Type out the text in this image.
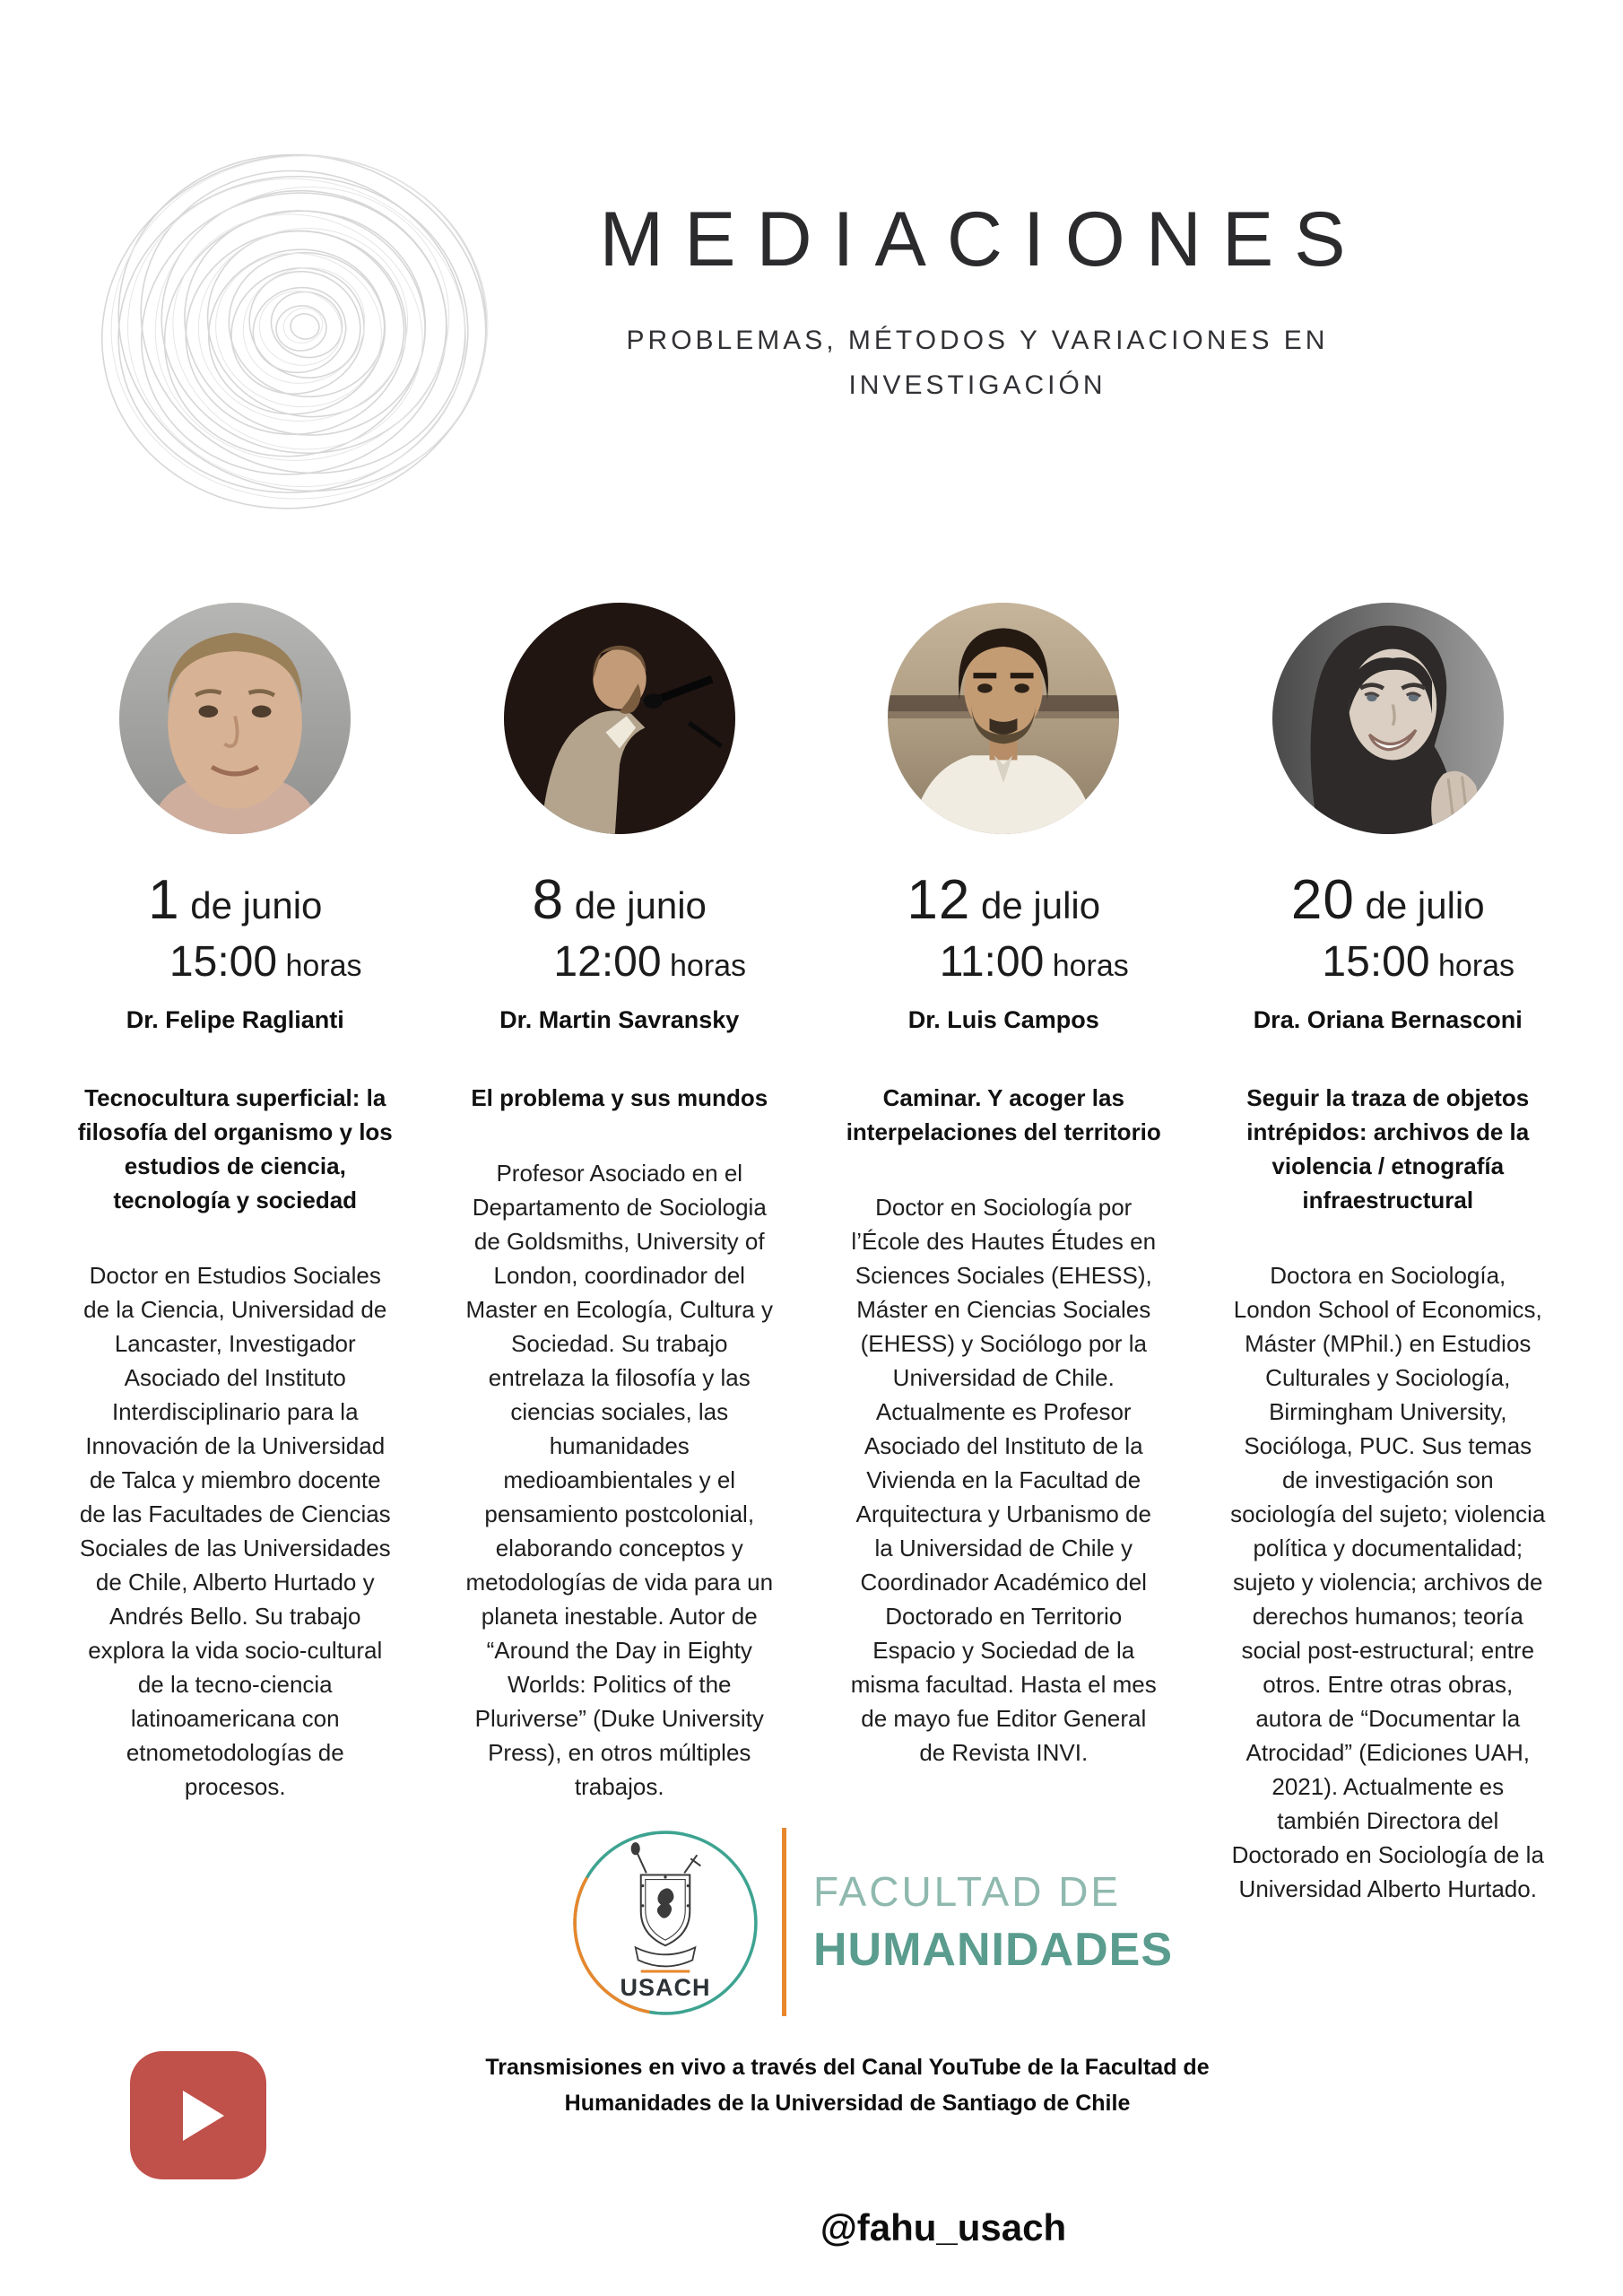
MEDIACIONES

PROBLEMAS, MÉTODOS Y VARIACIONES EN

INVESTIGACIÓN

1 de junio

15:00 horas

Dr. Felipe Raglianti
Tecnocultura superficial: la filosofía del organismo y los estudios de ciencia, tecnología y sociedad

Doctor en Estudios Sociales de la Ciencia, Universidad de Lancaster, Investigador Asociado del Instituto Interdisciplinario para la Innovación de la Universidad de Talca y miembro docente de las Facultades de Ciencias Sociales de las Universidades de Chile, Alberto Hurtado y Andrés Bello. Su trabajo explora la vida socio-cultural de la tecno-ciencia latinoamericana con etnometodologías de procesos.

8 de junio

12:00 horas

Dr. Martin Savransky
El problema y sus mundos

Profesor Asociado en el Departamento de Sociologia de Goldsmiths, University of London, coordinador del Master en Ecología, Cultura y Sociedad. Su trabajo entrelaza la filosofía y las ciencias sociales, las humanidades medioambientales y el pensamiento postcolonial, elaborando conceptos y metodologías de vida para un planeta inestable. Autor de “Around the Day in Eighty Worlds: Politics of the Pluriverse” (Duke University Press), en otros múltiples trabajos.

12 de julio

11:00 horas

Dr. Luis Campos
Caminar. Y acoger las interpelaciones del territorio

Doctor en Sociología por l’École des Hautes Études en Sciences Sociales (EHESS), Máster en Ciencias Sociales (EHESS) y Sociólogo por la Universidad de Chile. Actualmente es Profesor Asociado del Instituto de la Vivienda en la Facultad de Arquitectura y Urbanismo de la Universidad de Chile y Coordinador Académico del Doctorado en Territorio Espacio y Sociedad de la misma facultad. Hasta el mes de mayo fue Editor General de Revista INVI.

20 de julio

15:00 horas

Dra. Oriana Bernasconi
Seguir la traza de objetos intrépidos: archivos de la violencia / etnografía infraestructural

Doctora en Sociología, London School of Economics, Máster (MPhil.) en Estudios Culturales y Sociología, Birmingham University, Socióloga, PUC. Sus temas de investigación son sociología del sujeto; violencia política y documentalidad; sujeto y violencia; archivos de derechos humanos; teoría social post-estructural; entre otros. Entre otras obras, autora de “Documentar la Atrocidad” (Ediciones UAH, 2021). Actualmente es también Directora del Doctorado en Sociología de la Universidad Alberto Hurtado.

USACH
FACULTAD DE
HUMANIDADES

Transmisiones en vivo a través del Canal YouTube de la Facultad de
Humanidades de la Universidad de Santiago de Chile

@fahu_usach
